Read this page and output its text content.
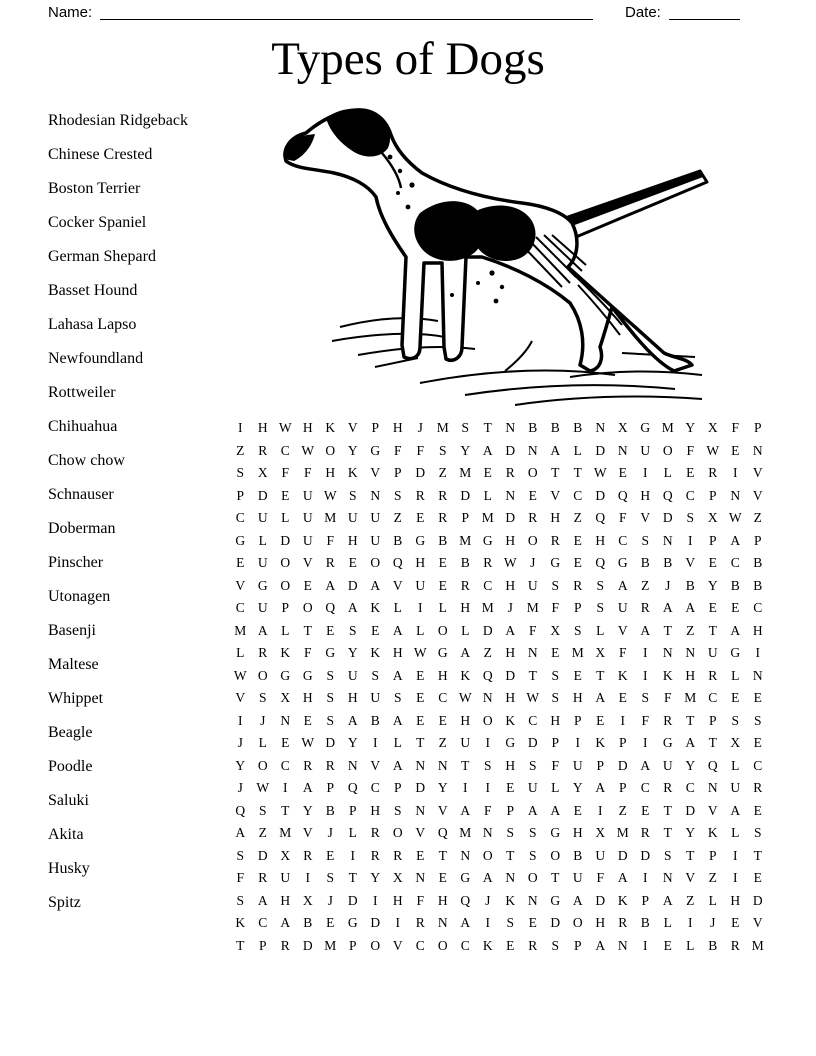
Name:	Date:
Types of Dogs
Rhodesian Ridgeback
Chinese Crested
Boston Terrier
Cocker Spaniel
German Shepard
Basset Hound
Lahasa Lapso
Newfoundland
Rottweiler
Chihuahua
Chow chow
Schnauser
Doberman
Pinscher
Utonagen
Basenji
Maltese
Whippet
Beagle
Poodle
Saluki
Akita
Husky
Spitz
I	H W H K V	P	H	J	M S	T	N B B B N X G M Y X	F	P
Z	R C W O Y G	F	F	S	Y A D N A	L	D N U O	F W E	N
S	X	F	F	H K V	P	D	Z M E	R O	T	T W E	I	L	E	R	I	V
P	D	E	U W S	N	S	R R D	L	N	E	V C D Q H Q C	P	N V
C U	L	U M U U	Z	E	R	P M D R H	Z	Q	F	V D	S	X W Z
G	L	D U	F	H U B G B M G H O R	E	H C	S	N	I	P	A	P
E	U O V R	E	O Q H	E	B R W J	G	E	Q G B B V	E	C B
V G O	E	A D A V U	E	R C H U	S	R	S	A	Z	J	B Y B B
C U	P	O Q A K	L	I	L	H M	J	M F	P	S	U R A A	E	E	C
M A	L	T	E	S	E	A	L	O	L	D A	F	X	S	L	V A	T	Z	T	A H
L	R K	F	G Y K H W G A	Z	H N	E M X	F	I	N N U G	I
W O G G	S	U	S	A	E	H K Q D	T	S	E	T	K	I	K H R	L	N
V	S	X H	S	H U	S	E	C W N H W S	H A	E	S	F M C	E	E
I	J	N	E	S	A B A	E	E	H O K C H	P	E	I	F	R	T	P	S	S
J	L	E W D Y	I	L	T	Z	U	I	G D	P	I	K	P	I	G A	T	X	E
Y O C R R N V A N N	T	S	H	S	F	U	P	D A U Y Q	L	C
J	W	I	A	P	Q C	P	D Y	I	I	E	U	L	Y A	P	C R C N U R
Q	S	T	Y B	P	H	S	N V A	F	P	A A	E	I	Z	E	T	D V A	E
A	Z M V	J	L	R O V Q M N	S	S	G H X M R	T	Y K	L	S
S	D X R	E	I	R R	E	T	N O	T	S	O B U D D	S	T	P	I	T
F	R U	I	S	T	Y X N	E	G A N O	T	U	F	A	I	N V	Z	I	E
S	A H X	J	D	I	H	F	H Q	J	K N G A D K	P	A	Z	L	H D
K C A B	E	G D	I	R N A	I	S	E	D O H R B	L	I	J	E	V
T	P	R D M P	O V C O C K	E	R	S	P	A N	I	E	L	B R M
